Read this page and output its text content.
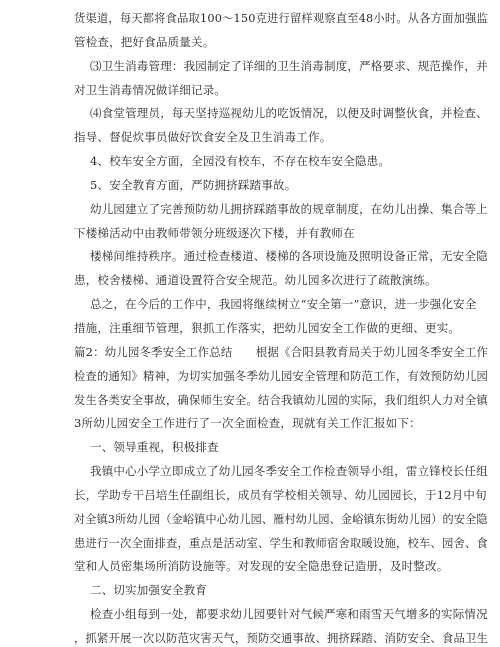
货渠道，每天都将食品取100～150克进行留样观察直至48小时。从各方面加强监
管检查，把好食品质量关。
⑶卫生消毒管理：我园制定了详细的卫生消毒制度，严格要求、规范操作，并
对卫生消毒情况做详细记录。
⑷食堂管理员，每天坚持巡视幼儿的吃饭情况，以便及时调整伙食，并检查、
指导、督促炊事员做好饮食安全及卫生消毒工作。
4、校车安全方面，全园没有校车，不存在校车安全隐患。
5、安全教育方面，严防拥挤踩踏事故。
幼儿园建立了完善预防幼儿拥挤踩踏事故的规章制度，在幼儿出操、集合等上
下楼梯活动中由教师带领分班级逐次下楼，并有教师在
楼梯间维持秩序。通过检查楼道、楼梯的各项设施及照明设备正常，无安全隐
患，校舍楼梯、通道设置符合安全规范。幼儿园多次进行了疏散演练。
总之，在今后的工作中，我园将继续树立“安全第一”意识，进一步强化安全
措施，注重细节管理，狠抓工作落实，把幼儿园安全工作做的更细、更实。
篇2：幼儿园冬季安全工作总结　　根据《合阳县教育局关于幼儿园冬季安全工作
检查的通知》精神，为切实加强冬季幼儿园安全管理和防范工作，有效预防幼儿园
发生各类安全事故，确保师生安全。结合我镇幼儿园的实际，我们组织人力对全镇
3所幼儿园安全工作进行了一次全面检查，现就有关工作汇报如下：
一、领导重视，积极排查
我镇中心小学立即成立了幼儿园冬季安全工作检查领导小组，雷立锋校长任组
长，学助专干吕培生任副组长，成员有学校相关领导、幼儿园园长，于12月中旬
对全镇3所幼儿园（金峪镇中心幼儿园、雁村幼儿园、金峪镇东街幼儿园）的安全隐
患进行一次全面排查，重点是活动室、学生和教师宿舍取暖设施，校车、园舍、食
堂和人员密集场所消防设施等。对发现的安全隐患登记造册，及时整改。
二、切实加强安全教育
检查小组每到一处，都要求幼儿园要针对气候严寒和雨雪天气增多的实际情况
，抓紧开展一次以防范灾害天气，预防交通事故、拥挤踩踏、消防安全、食品卫生
